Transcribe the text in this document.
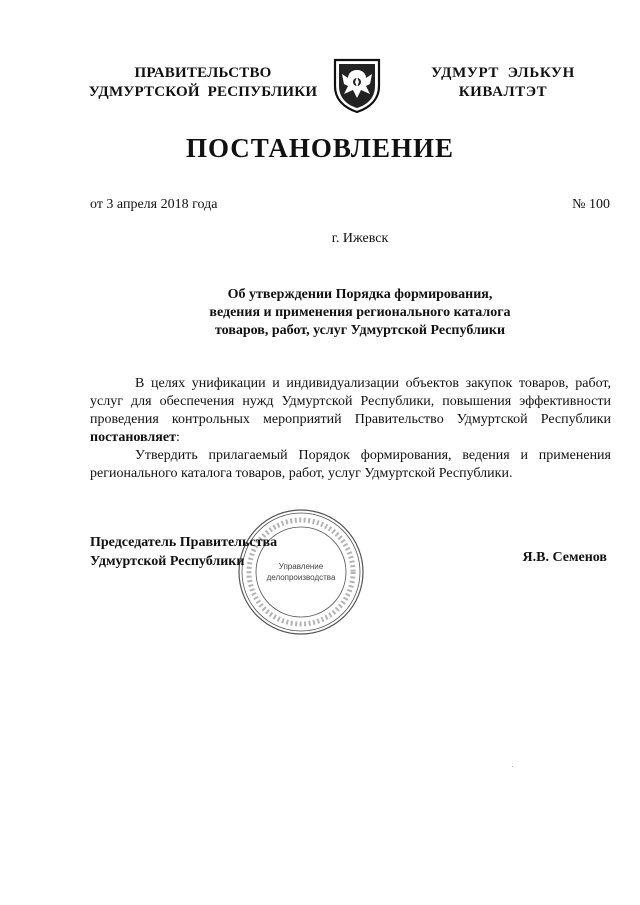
ПРАВИТЕЛЬСТВО
УДМУРТСКОЙ  РЕСПУБЛИКИ
УДМУРТ  ЭЛЬКУН
КИВАЛТЭТ
ПОСТАНОВЛЕНИЕ
от 3 апреля 2018 года	№ 100
г. Ижевск
Об утверждении Порядка формирования,
ведения и применения регионального каталога
товаров, работ, услуг Удмуртской Республики

В целях унификации и индивидуализации объектов закупок товаров, работ, услуг для обеспечения нужд Удмуртской Республики, повышения эффективности проведения контрольных мероприятий Правительство Удмуртской Республики постановляет:

Утвердить прилагаемый Порядок формирования, ведения и применения регионального каталога товаров, работ, услуг Удмуртской Республики.

Управление
делопроизводства
Председатель Правительства
Удмуртской Республики	Я.В. Семенов
